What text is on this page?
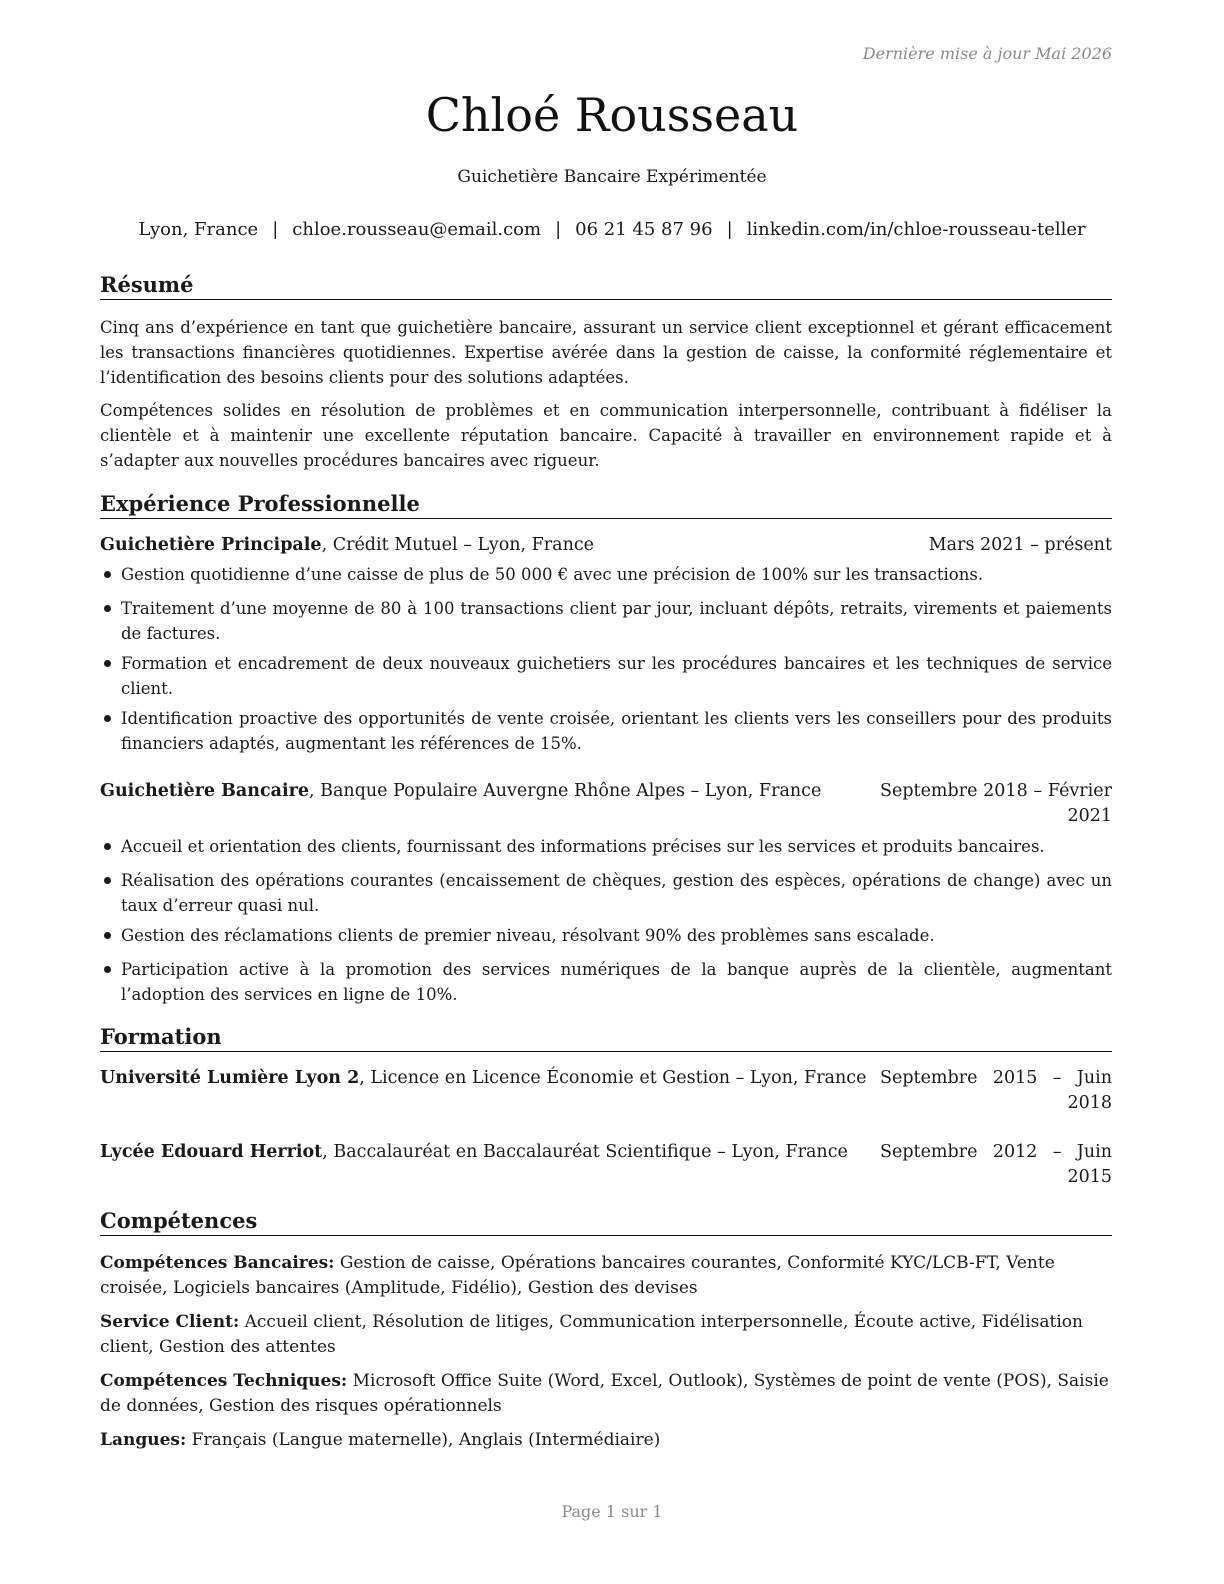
Dernière mise à jour Mai 2026
Chloé Rousseau
Guichetière Bancaire Expérimentée
Lyon, France | chloe.rousseau@email.com | 06 21 45 87 96 | linkedin.com/in/chloe-rousseau-teller
Résumé

Cinq ans d’expérience en tant que guichetière bancaire, assurant un service client exceptionnel et gérant efficacement les transactions financières quotidiennes. Expertise avérée dans la gestion de caisse, la conformité réglementaire et l’identification des besoins clients pour des solutions adaptées.

Compétences solides en résolution de problèmes et en communication interpersonnelle, contribuant à fidéliser la clientèle et à maintenir une excellente réputation bancaire. Capacité à travailler en environnement rapide et à s’adapter aux nouvelles procédures bancaires avec rigueur.

Expérience Professionnelle
Guichetière Principale, Crédit Mutuel – Lyon, France	Mars 2021 – présent
Gestion quotidienne d’une caisse de plus de 50 000 € avec une précision de 100% sur les transactions.
Traitement d’une moyenne de 80 à 100 transactions client par jour, incluant dépôts, retraits, virements et paiements de factures.
Formation et encadrement de deux nouveaux guichetiers sur les procédures bancaires et les techniques de service client.
Identification proactive des opportunités de vente croisée, orientant les clients vers les conseillers pour des produits financiers adaptés, augmentant les références de 15%.
Guichetière Bancaire, Banque Populaire Auvergne Rhône Alpes – Lyon, France	Septembre 2018 – Février 2021
Accueil et orientation des clients, fournissant des informations précises sur les services et produits bancaires.
Réalisation des opérations courantes (encaissement de chèques, gestion des espèces, opérations de change) avec un taux d’erreur quasi nul.
Gestion des réclamations clients de premier niveau, résolvant 90% des problèmes sans escalade.
Participation active à la promotion des services numériques de la banque auprès de la clientèle, augmentant l’adoption des services en ligne de 10%.
Formation
Université Lumière Lyon 2, Licence en Licence Économie et Gestion – Lyon, France Septembre 2015 – Juin 2018
Lycée Edouard Herriot, Baccalauréat en Baccalauréat Scientifique – Lyon, France Septembre 2012 – Juin 2015
Compétences

Compétences Bancaires: Gestion de caisse, Opérations bancaires courantes, Conformité KYC/LCB-FT, Vente croisée, Logiciels bancaires (Amplitude, Fidélio), Gestion des devises

Service Client: Accueil client, Résolution de litiges, Communication interpersonnelle, Écoute active, Fidélisation client, Gestion des attentes

Compétences Techniques: Microsoft Office Suite (Word, Excel, Outlook), Systèmes de point de vente (POS), Saisie de données, Gestion des risques opérationnels

Langues: Français (Langue maternelle), Anglais (Intermédiaire)

Page 1 sur 1
